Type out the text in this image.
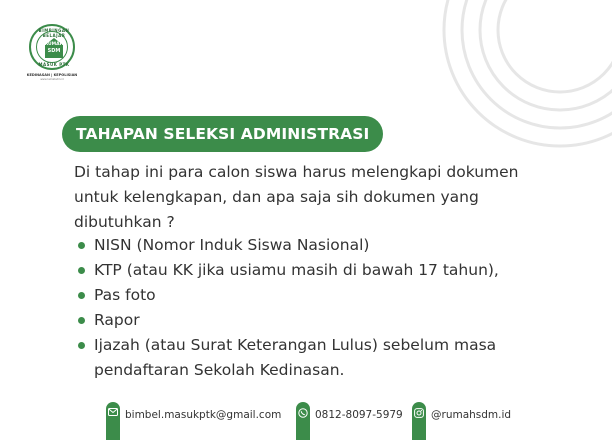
BIMBINGAN BELAJAR
RUMAH
SDM
MASUK PTK
KEDINASAN | KEPOLISIAN
www.rumahsdm.id
TAHAPAN SELEKSI ADMINISTRASI

Di tahap ini para calon siswa harus melengkapi dokumen untuk kelengkapan, dan apa saja sih dokumen yang dibutuhkan ?

NISN (Nomor Induk Siswa Nasional)
KTP (atau KK jika usiamu masih di bawah 17 tahun),
Pas foto
Rapor
Ijazah (atau Surat Keterangan Lulus) sebelum masa pendaftaran Sekolah Kedinasan.
bimbel.masukptk@gmail.com	0812-8097-5979	@rumahsdm.id
